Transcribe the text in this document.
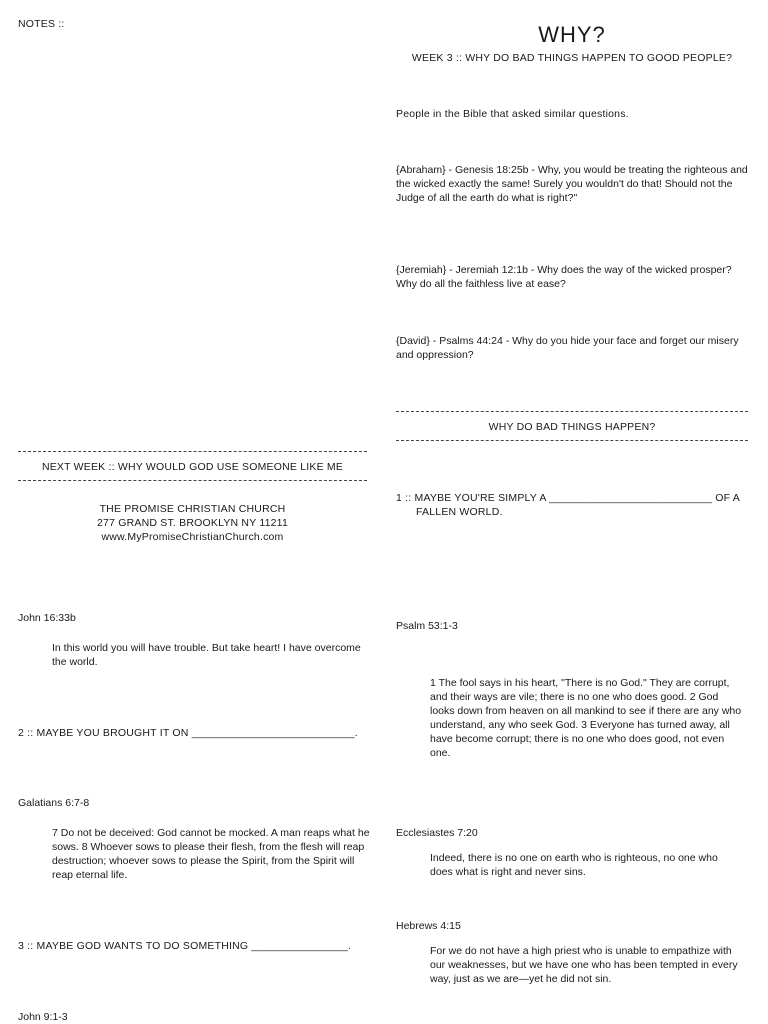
NOTES ::
NEXT WEEK :: WHY WOULD GOD USE SOMEONE LIKE ME
THE PROMISE CHRISTIAN CHURCH
277 GRAND ST. BROOKLYN NY 11211
www.MyPromiseChristianChurch.com
John 16:33b
In this world you will have trouble. But take heart! I have overcome the world.
2 :: MAYBE YOU BROUGHT IT ON ___________________________.
Galatians 6:7-8
7 Do not be deceived: God cannot be mocked. A man reaps what he sows. 8 Whoever sows to please their flesh, from the flesh will reap destruction; whoever sows to please the Spirit, from the Spirit will reap eternal life.
3 :: MAYBE GOD WANTS TO DO SOMETHING ________________.
John 9:1-3
WHY?
WEEK 3 :: WHY DO BAD THINGS HAPPEN TO GOOD PEOPLE?
People in the Bible that asked similar questions.
{Abraham} - Genesis 18:25b - Why, you would be treating the righteous and the wicked exactly the same! Surely you wouldn't do that! Should not the Judge of all the earth do what is right?"
{Jeremiah} - Jeremiah 12:1b - Why does the way of the wicked prosper? Why do all the faithless live at ease?
{David} - Psalms 44:24 - Why do you hide your face and forget our misery and oppression?
WHY DO BAD THINGS HAPPEN?
1 :: MAYBE YOU'RE SIMPLY A ___________________________ OF A
FALLEN WORLD.
Psalm 53:1-3
1 The fool says in his heart, "There is no God." They are corrupt, and their ways are vile; there is no one who does good. 2 God looks down from heaven on all mankind to see if there are any who understand, any who seek God. 3 Everyone has turned away, all have become corrupt; there is no one who does good, not even one.
Ecclesiastes 7:20
Indeed, there is no one on earth who is righteous, no one who does what is right and never sins.
Hebrews 4:15
For we do not have a high priest who is unable to empathize with our weaknesses, but we have one who has been tempted in every way, just as we are—yet he did not sin.
